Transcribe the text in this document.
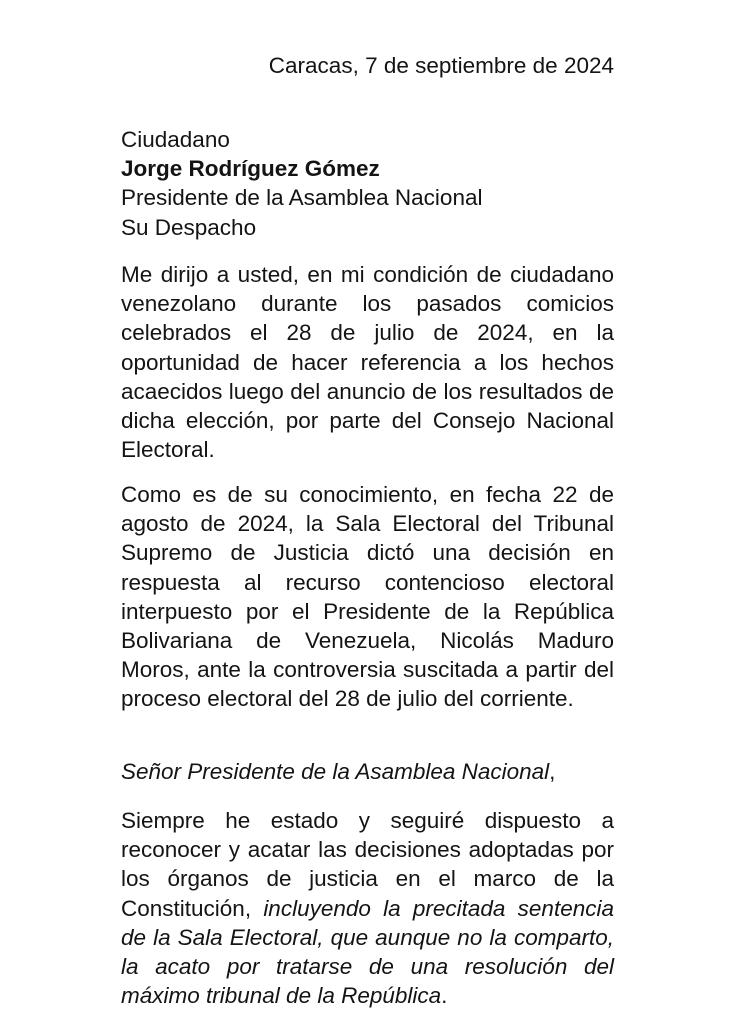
Caracas, 7 de septiembre de 2024
Ciudadano
Jorge Rodríguez Gómez
Presidente de la Asamblea Nacional
Su Despacho

Me dirijo a usted, en mi condición de ciudadano venezolano durante los pasados comicios celebrados el 28 de julio de 2024, en la oportunidad de hacer referencia a los hechos acaecidos luego del anuncio de los resultados de dicha elección, por parte del Consejo Nacional Electoral.

Como es de su conocimiento, en fecha 22 de agosto de 2024, la Sala Electoral del Tribunal Supremo de Justicia dictó una decisión en respuesta al recurso contencioso electoral interpuesto por el Presidente de la República Bolivariana de Venezuela, Nicolás Maduro Moros, ante la controversia suscitada a partir del proceso electoral del 28 de julio del corriente.

Señor Presidente de la Asamblea Nacional,

Siempre he estado y seguiré dispuesto a reconocer y acatar las decisiones adoptadas por los órganos de justicia en el marco de la Constitución, incluyendo la precitada sentencia de la Sala Electoral, que aunque no la comparto, la acato por tratarse de una resolución del máximo tribunal de la República.
